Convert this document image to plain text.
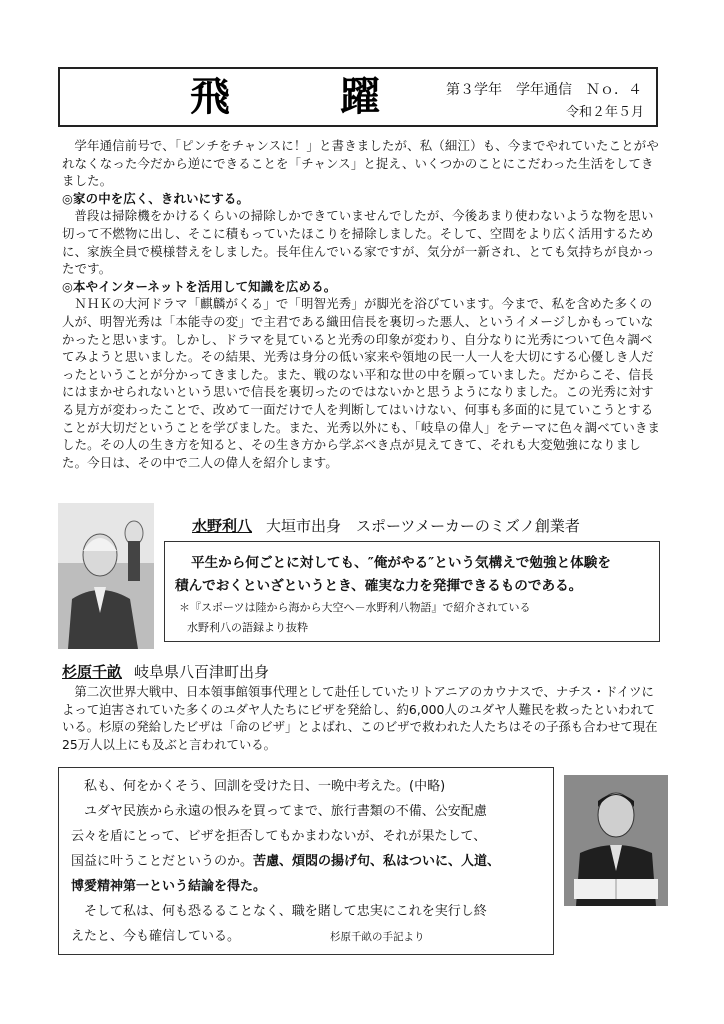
飛躍
第３学年　学年通信　Ｎｏ．４
令和２年５月

学年通信前号で、「ピンチをチャンスに！」と書きましたが、私（細江）も、今までやれていたことがやれなくなった今だから逆にできることを「チャンス」と捉え、いくつかのことにこだわった生活をしてきました。

◎家の中を広く、きれいにする。

普段は掃除機をかけるくらいの掃除しかできていませんでしたが、今後あまり使わないような物を思い切って不燃物に出し、そこに積もっていたほこりを掃除しました。そして、空間をより広く活用するために、家族全員で模様替えをしました。長年住んでいる家ですが、気分が一新され、とても気持ちが良かったです。

◎本やインターネットを活用して知識を広める。

ＮＨＫの大河ドラマ「麒麟がくる」で「明智光秀」が脚光を浴びています。今まで、私を含めた多くの人が、明智光秀は「本能寺の変」で主君である織田信長を裏切った悪人、というイメージしかもっていなかったと思います。しかし、ドラマを見ていると光秀の印象が変わり、自分なりに光秀について色々調べてみようと思いました。その結果、光秀は身分の低い家来や領地の民一人一人を大切にする心優しき人だったということが分かってきました。また、戦のない平和な世の中を願っていました。だからこそ、信長にはまかせられないという思いで信長を裏切ったのではないかと思うようになりました。この光秀に対する見方が変わったことで、改めて一面だけで人を判断してはいけない、何事も多面的に見ていこうとすることが大切だということを学びました。また、光秀以外にも、「岐阜の偉人」をテーマに色々調べていきました。その人の生き方を知ると、その生き方から学ぶべき点が見えてきて、それも大変勉強になりました。今日は、その中で二人の偉人を紹介します。

水野利八 大垣市出身　スポーツメーカーのミズノ創業者
平生から何ごとに対しても、″俺がやる″という気構えで勉強と体験を
積んでおくといざというとき、確実な力を発揮できるものである。
＊『スポーツは陸から海から大空へ－水野利八物語』で紹介されている
水野利八の語録より抜粋
杉原千畝 岐阜県八百津町出身

第二次世界大戦中、日本領事館領事代理として赴任していたリトアニアのカウナスで、ナチス・ドイツによって迫害されていた多くのユダヤ人たちにビザを発給し、約6,000人のユダヤ人難民を救ったといわれている。杉原の発給したビザは「命のビザ」とよばれ、このビザで救われた人たちはその子孫も合わせて現在25万人以上にも及ぶと言われている。

　私も、何をかくそう、回訓を受けた日、一晩中考えた。(中略)

　ユダヤ民族から永遠の恨みを買ってまで、旅行書類の不備、公安配慮

云々を盾にとって、ビザを拒否してもかまわないが、それが果たして、

国益に叶うことだというのか。苦慮、煩悶の揚げ句、私はついに、人道、

博愛精神第一という結論を得た。

　そして私は、何も恐るることなく、職を賭して忠実にこれを実行し終

えたと、今も確信している。	杉原千畝の手記より
